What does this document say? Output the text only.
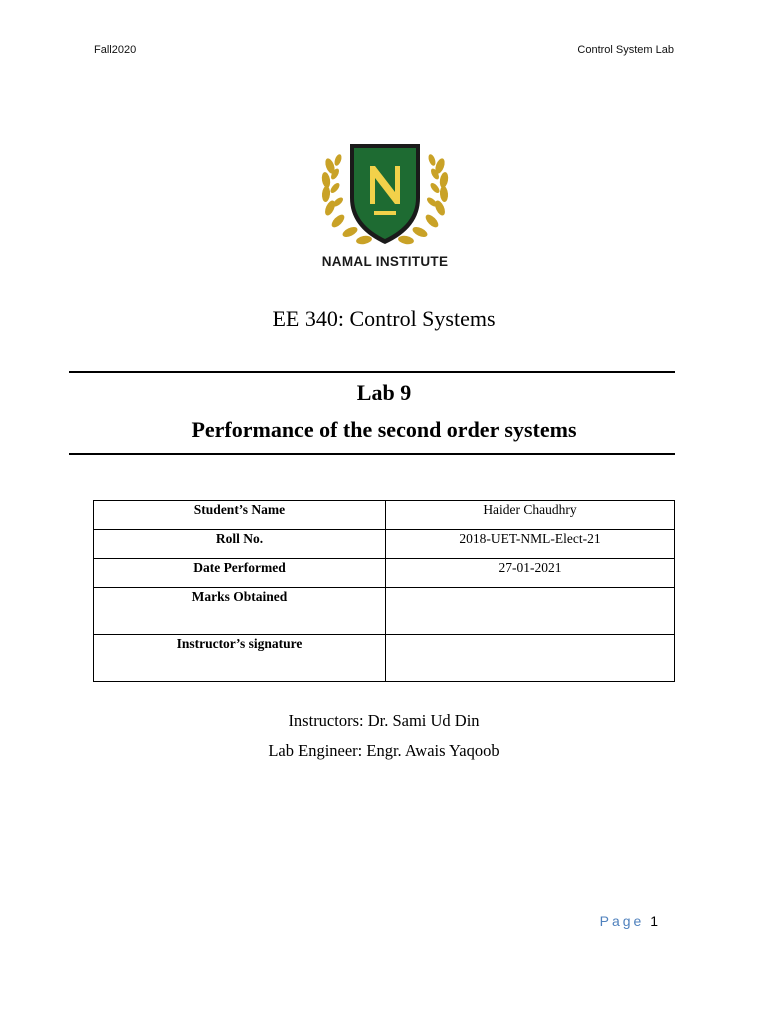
Fall2020	Control System Lab
NAMAL INSTITUTE
EE 340: Control Systems
Lab 9
Performance of the second order systems
Student’s Name	Haider Chaudhry
Roll No.	2018-UET-NML-Elect-21
Date Performed	27-01-2021
Marks Obtained	
Instructor’s signature	
Instructors: Dr. Sami Ud Din
Lab Engineer: Engr. Awais Yaqoob
Page 1
